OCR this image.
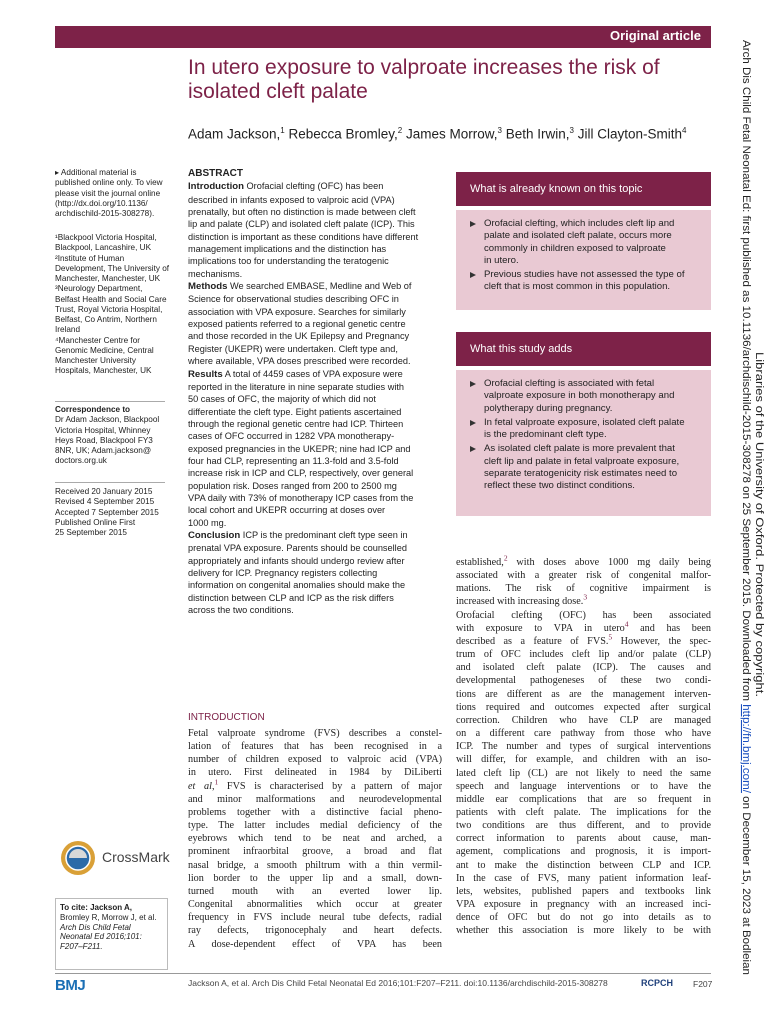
Original article
In utero exposure to valproate increases the risk of isolated cleft palate
Adam Jackson,$^1$ Rebecca Bromley,$^2$ James Morrow,$^3$ Beth Irwin,$^3$ Jill Clayton-Smith$^4$
▸ Additional material is
published online only. To view
please visit the journal online
(http://dx.doi.org/10.1136/
archdischild-2015-308278).
¹Blackpool Victoria Hospital,
Blackpool, Lancashire, UK
²Institute of Human
Development, The University of
Manchester, Manchester, UK
³Neurology Department,
Belfast Health and Social Care
Trust, Royal Victoria Hospital,
Belfast, Co Antrim, Northern
Ireland
⁴Manchester Centre for
Genomic Medicine, Central
Manchester University
Hospitals, Manchester, UK
Correspondence to
Dr Adam Jackson, Blackpool
Victoria Hospital, Whinney
Heys Road, Blackpool FY3
8NR, UK; Adam.jackson@
doctors.org.uk
Received 20 January 2015
Revised 4 September 2015
Accepted 7 September 2015
Published Online First
25 September 2015
CrossMark
To cite: Jackson A,
Bromley R, Morrow J, et al.
Arch Dis Child Fetal
Neonatal Ed 2016;101:
F207–F211.
ABSTRACT
Introduction Orofacial clefting (OFC) has been
described in infants exposed to valproic acid (VPA)
prenatally, but often no distinction is made between cleft
lip and palate (CLP) and isolated cleft palate (ICP). This
distinction is important as these conditions have different
management implications and the distinction has
implications too for understanding the teratogenic
mechanisms.
Methods We searched EMBASE, Medline and Web of
Science for observational studies describing OFC in
association with VPA exposure. Searches for similarly
exposed patients referred to a regional genetic centre
and those recorded in the UK Epilepsy and Pregnancy
Register (UKEPR) were undertaken. Cleft type and,
where available, VPA doses prescribed were recorded.
Results A total of 4459 cases of VPA exposure were
reported in the literature in nine separate studies with
50 cases of OFC, the majority of which did not
differentiate the cleft type. Eight patients ascertained
through the regional genetic centre had ICP. Thirteen
cases of OFC occurred in 1282 VPA monotherapy-
exposed pregnancies in the UKEPR; nine had ICP and
four had CLP, representing an 11.3-fold and 3.5-fold
increase risk in ICP and CLP, respectively, over general
population risk. Doses ranged from 200 to 2500 mg
VPA daily with 73% of monotherapy ICP cases from the
local cohort and UKEPR occurring at doses over
1000 mg.
Conclusion ICP is the predominant cleft type seen in
prenatal VPA exposure. Parents should be counselled
appropriately and infants should undergo review after
delivery for ICP. Pregnancy registers collecting
information on congenital anomalies should make the
distinction between CLP and ICP as the risk differs
across the two conditions.
What is already known on this topic
Orofacial clefting, which includes cleft lip and
palate and isolated cleft palate, occurs more
commonly in children exposed to valproate
in utero.
Previous studies have not assessed the type of
cleft that is most common in this population.
What this study adds
Orofacial clefting is associated with fetal
valproate exposure in both monotherapy and
polytherapy during pregnancy.
In fetal valproate exposure, isolated cleft palate
is the predominant cleft type.
As isolated cleft palate is more prevalent that
cleft lip and palate in fetal valproate exposure,
separate teratogenicity risk estimates need to
reflect these two distinct conditions.
INTRODUCTION
Fetal valproate syndrome (FVS) describes a constel-
lation of features that has been recognised in a
number of children exposed to valproic acid (VPA)
in utero. First delineated in 1984 by DiLiberti
et al,$^1$ FVS is characterised by a pattern of major
and minor malformations and neurodevelopmental
problems together with a distinctive facial pheno-
type. The latter includes medial deficiency of the
eyebrows which tend to be neat and arched, a
prominent infraorbital groove, a broad and flat
nasal bridge, a smooth philtrum with a thin vermil-
lion border to the upper lip and a small, down-
turned mouth with an everted lower lip.
Congenital abnormalities which occur at greater
frequency in FVS include neural tube defects, radial
ray defects, trigonocephaly and heart defects.
A dose-dependent effect of VPA has been
established,$^2$ with doses above 1000 mg daily being
associated with a greater risk of congenital malfor-
mations. The risk of cognitive impairment is
increased with increasing dose.$^3$
Orofacial clefting (OFC) has been associated
with exposure to VPA in utero$^4$ and has been
described as a feature of FVS.$^5$ However, the spec-
trum of OFC includes cleft lip and/or palate (CLP)
and isolated cleft palate (ICP). The causes and
developmental pathogeneses of these two condi-
tions are different as are the management interven-
tions required and outcomes expected after surgical
correction. Children who have CLP are managed
on a different care pathway from those who have
ICP. The number and types of surgical interventions
will differ, for example, and children with an iso-
lated cleft lip (CL) are not likely to need the same
speech and language interventions or to have the
middle ear complications that are so frequent in
patients with cleft palate. The implications for the
two conditions are thus different, and to provide
correct information to parents about cause, man-
agement, complications and prognosis, it is import-
ant to make the distinction between CLP and ICP.
In the case of FVS, many patient information leaf-
lets, websites, published papers and textbooks link
VPA exposure in pregnancy with an increased inci-
dence of OFC but do not go into details as to
whether this association is more likely to be with
BMJ	Jackson A, et al. Arch Dis Child Fetal Neonatal Ed 2016;101:F207–F211. doi:10.1136/archdischild-2015-308278	RCPCH F207
Arch Dis Child Fetal Neonatal Ed: first published as 10.1136/archdischild-2015-308278 on 25 September 2015. Downloaded from http://fn.bmj.com/ on December 15, 2023 at Bodleian
Libraries of the University of Oxford. Protected by copyright.
